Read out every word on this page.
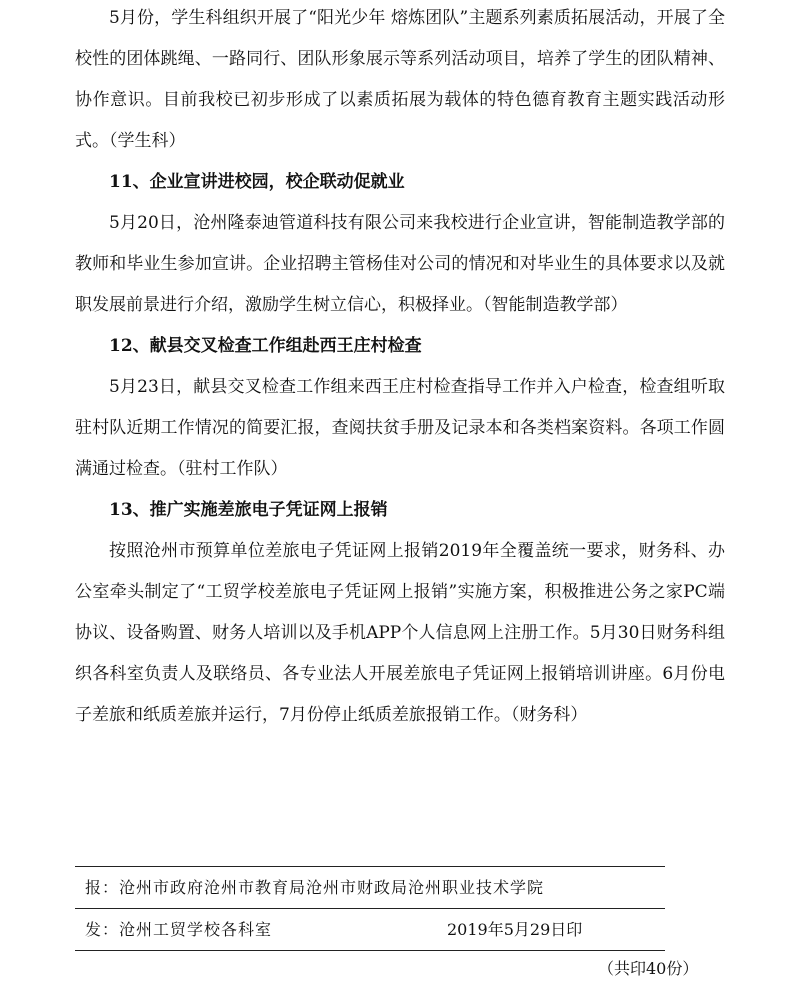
5月份，学生科组织开展了“阳光少年 熔炼团队”主题系列素质拓展活动，开展了全校性的团体跳绳、一路同行、团队形象展示等系列活动项目，培养了学生的团队精神、协作意识。目前我校已初步形成了以素质拓展为载体的特色德育教育主题实践活动形式。（学生科）

11、企业宣讲进校园，校企联动促就业

5月20日，沧州隆泰迪管道科技有限公司来我校进行企业宣讲，智能制造教学部的教师和毕业生参加宣讲。企业招聘主管杨佳对公司的情况和对毕业生的具体要求以及就职发展前景进行介绍，激励学生树立信心，积极择业。（智能制造教学部）

12、献县交叉检查工作组赴西王庄村检查

5月23日，献县交叉检查工作组来西王庄村检查指导工作并入户检查，检查组听取驻村队近期工作情况的简要汇报，查阅扶贫手册及记录本和各类档案资料。各项工作圆满通过检查。（驻村工作队）

13、推广实施差旅电子凭证网上报销

按照沧州市预算单位差旅电子凭证网上报销2019年全覆盖统一要求，财务科、办公室牵头制定了“工贸学校差旅电子凭证网上报销”实施方案，积极推进公务之家PC端协议、设备购置、财务人培训以及手机APP个人信息网上注册工作。5月30日财务科组织各科室负责人及联络员、各专业法人开展差旅电子凭证网上报销培训讲座。6月份电子差旅和纸质差旅并运行，7月份停止纸质差旅报销工作。（财务科）

报：沧州市政府沧州市教育局沧州市财政局沧州职业技术学院
发：沧州工贸学校各科室	2019年5月29日印
（共印40份）
